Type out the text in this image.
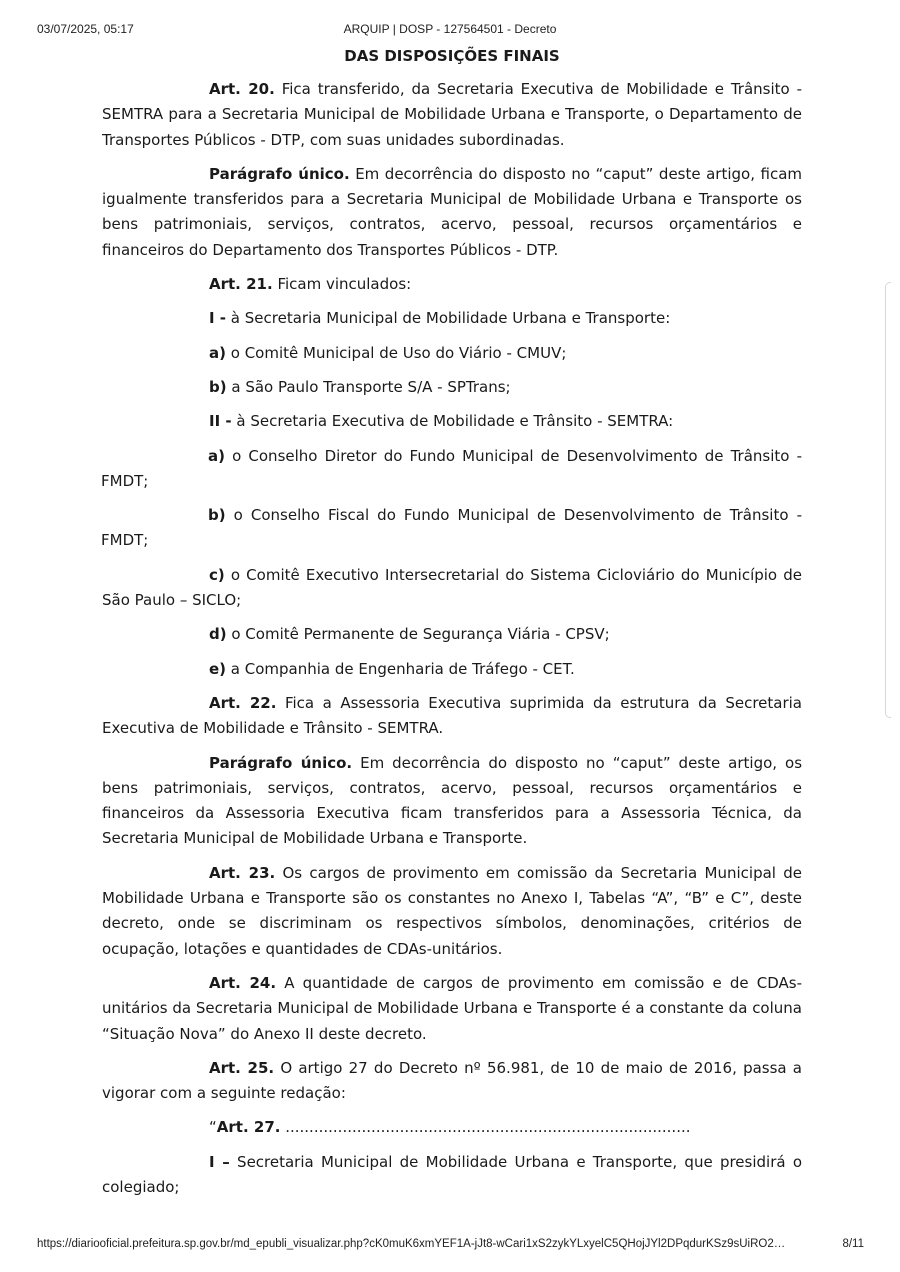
03/07/2025, 05:17	ARQUIP | DOSP - 127564501 - Decreto
DAS DISPOSIÇÕES FINAIS

Art. 20. Fica transferido, da Secretaria Executiva de Mobilidade e Trânsito - SEMTRA para a Secretaria Municipal de Mobilidade Urbana e Transporte, o Departamento de Transportes Públicos - DTP, com suas unidades subordinadas.

Parágrafo único. Em decorrência do disposto no “caput” deste artigo, ficam igualmente transferidos para a Secretaria Municipal de Mobilidade Urbana e Transporte os bens patrimoniais, serviços, contratos, acervo, pessoal, recursos orçamentários e financeiros do Departamento dos Transportes Públicos - DTP.

Art. 21. Ficam vinculados:

I - à Secretaria Municipal de Mobilidade Urbana e Transporte:

a) o Comitê Municipal de Uso do Viário - CMUV;

b) a São Paulo Transporte S/A - SPTrans;

II - à Secretaria Executiva de Mobilidade e Trânsito - SEMTRA:

a) o Conselho Diretor do Fundo Municipal de Desenvolvimento de Trânsito - FMDT;

b) o Conselho Fiscal do Fundo Municipal de Desenvolvimento de Trânsito - FMDT;

c) o Comitê Executivo Intersecretarial do Sistema Cicloviário do Município de São Paulo – SICLO;

d) o Comitê Permanente de Segurança Viária - CPSV;

e) a Companhia de Engenharia de Tráfego - CET.

Art. 22. Fica a Assessoria Executiva suprimida da estrutura da Secretaria Executiva de Mobilidade e Trânsito - SEMTRA.

Parágrafo único. Em decorrência do disposto no “caput” deste artigo, os bens patrimoniais, serviços, contratos, acervo, pessoal, recursos orçamentários e financeiros da Assessoria Executiva ficam transferidos para a Assessoria Técnica, da Secretaria Municipal de Mobilidade Urbana e Transporte.

Art. 23. Os cargos de provimento em comissão da Secretaria Municipal de Mobilidade Urbana e Transporte são os constantes no Anexo I, Tabelas “A”, “B” e C”, deste decreto, onde se discriminam os respectivos símbolos, denominações, critérios de ocupação, lotações e quantidades de CDAs-unitários.

Art. 24. A quantidade de cargos de provimento em comissão e de CDAs-unitários da Secretaria Municipal de Mobilidade Urbana e Transporte é a constante da coluna “Situação Nova” do Anexo II deste decreto.

Art. 25. O artigo 27 do Decreto nº 56.981, de 10 de maio de 2016, passa a vigorar com a seguinte redação:

“Art. 27. .....................................................................................

I – Secretaria Municipal de Mobilidade Urbana e Transporte, que presidirá o colegiado;

https://diariooficial.prefeitura.sp.gov.br/md_epubli_visualizar.php?cK0muK6xmYEF1A-jJt8-wCari1xS2zykYLxyelC5QHojJYl2DPqdurKSz9sUiRO2…	8/11
